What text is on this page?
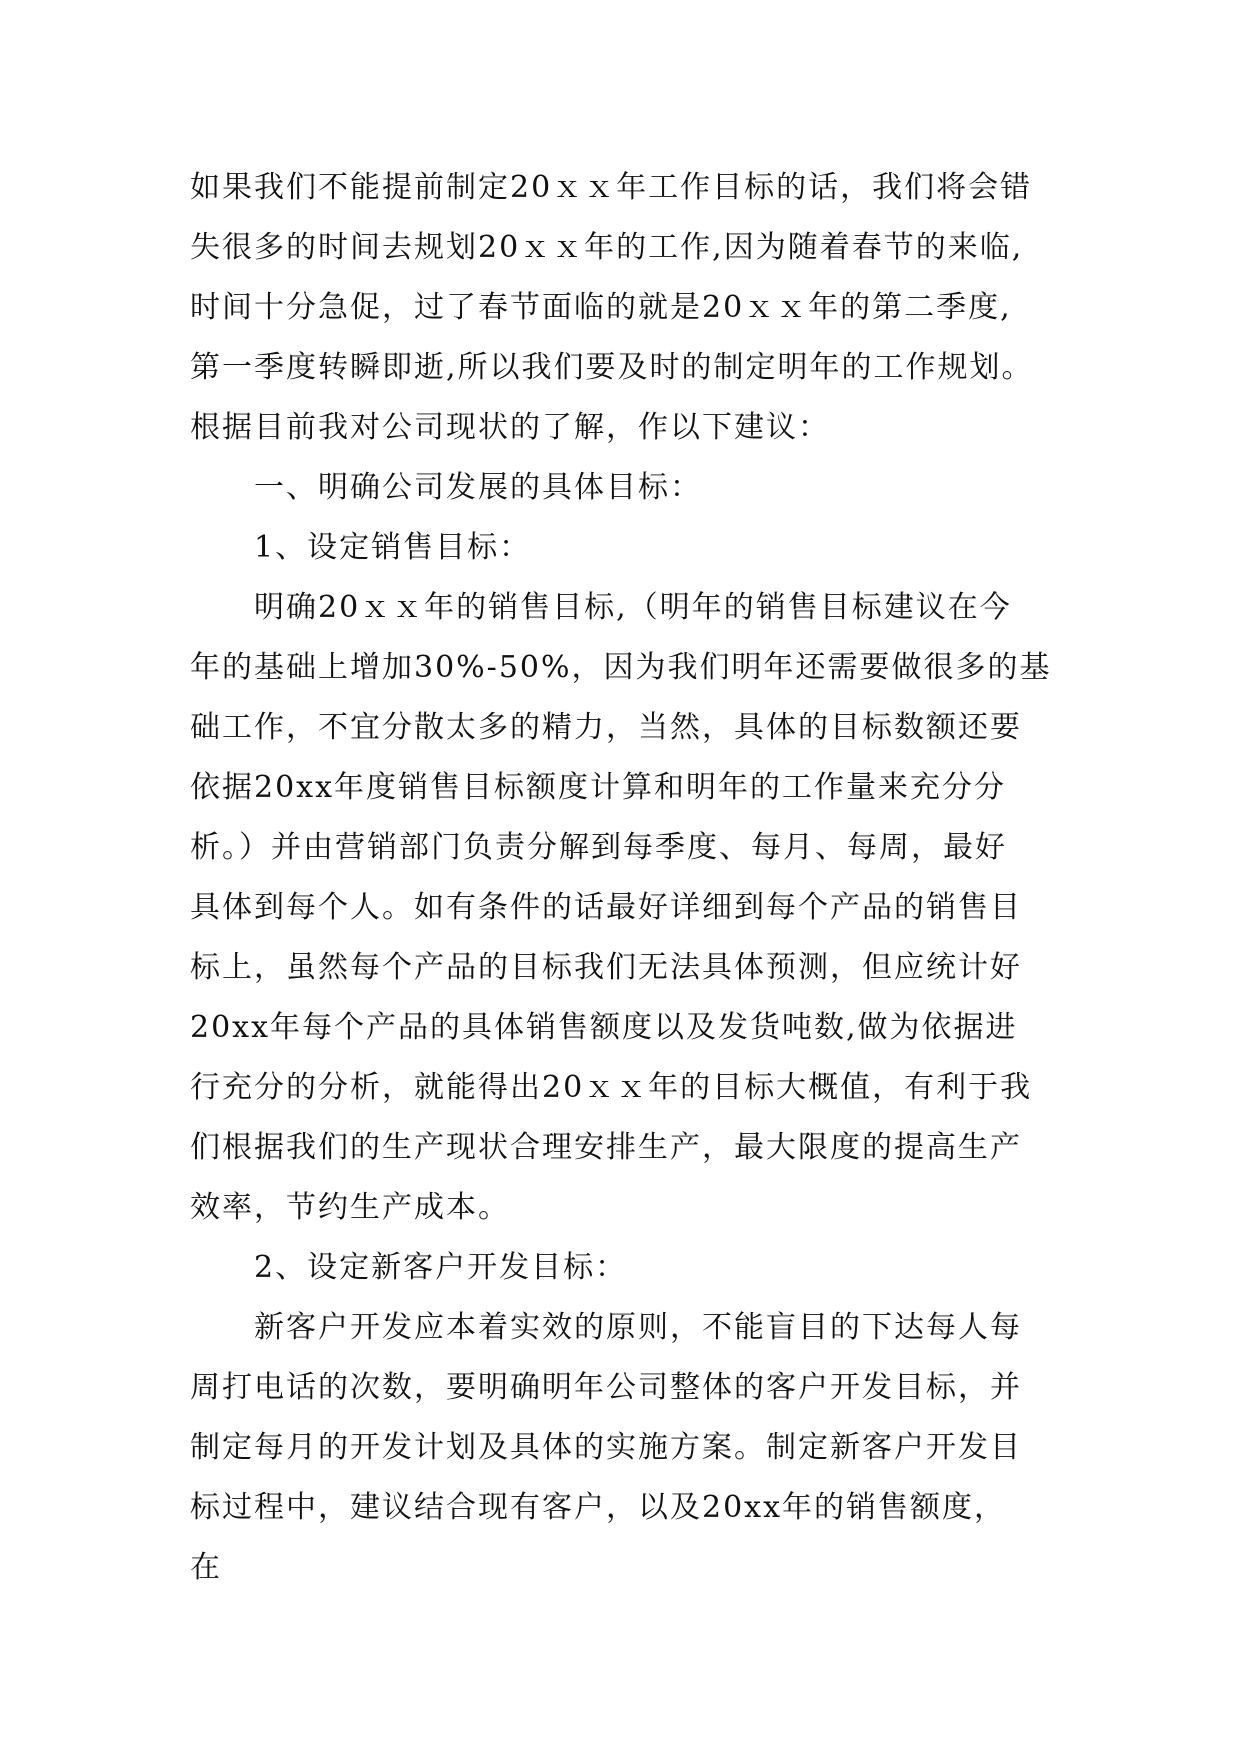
如果我们不能提前制定20ｘｘ年工作目标的话，我们将会错
失很多的时间去规划20ｘｘ年的工作,因为随着春节的来临,
时间十分急促，过了春节面临的就是20ｘｘ年的第二季度,
第一季度转瞬即逝,所以我们要及时的制定明年的工作规划。
根据目前我对公司现状的了解，作以下建议：
一、明确公司发展的具体目标：
1、设定销售目标：
明确20ｘｘ年的销售目标,（明年的销售目标建议在今
年的基础上增加30%-50%，因为我们明年还需要做很多的基
础工作，不宜分散太多的精力，当然，具体的目标数额还要
依据20xx年度销售目标额度计算和明年的工作量来充分分
析。）并由营销部门负责分解到每季度、每月、每周，最好
具体到每个人。如有条件的话最好详细到每个产品的销售目
标上，虽然每个产品的目标我们无法具体预测，但应统计好
20xx年每个产品的具体销售额度以及发货吨数,做为依据进
行充分的分析，就能得出20ｘｘ年的目标大概值，有利于我
们根据我们的生产现状合理安排生产，最大限度的提高生产
效率，节约生产成本。
2、设定新客户开发目标：
新客户开发应本着实效的原则，不能盲目的下达每人每
周打电话的次数，要明确明年公司整体的客户开发目标，并
制定每月的开发计划及具体的实施方案。制定新客户开发目
标过程中，建议结合现有客户，以及20xx年的销售额度，
在
